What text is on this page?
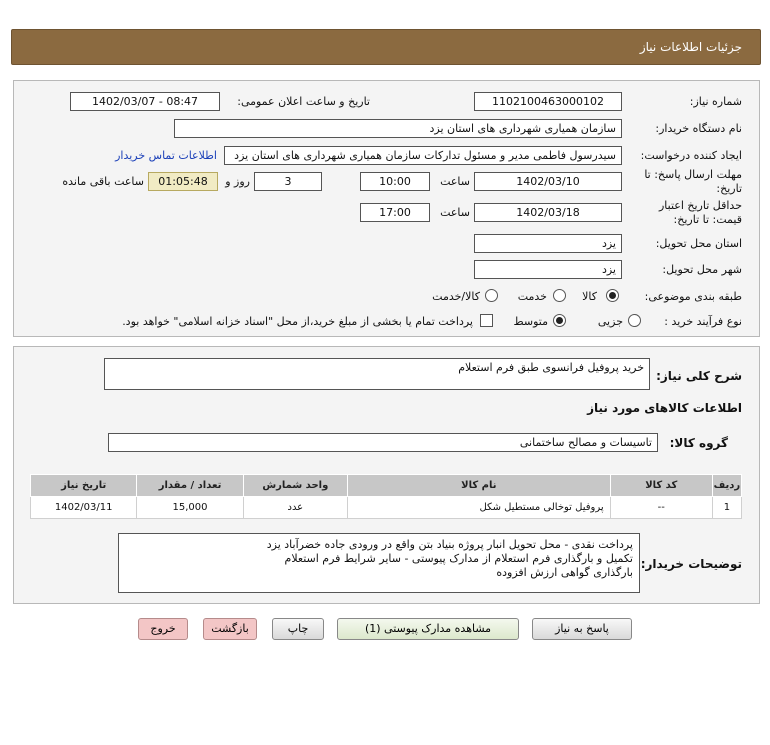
جزئیات اطلاعات نیاز
شماره نیاز:
1102100463000102
تاریخ و ساعت اعلان عمومی:
1402/03/07 - 08:47
نام دستگاه خریدار:
سازمان همیاری شهرداری های استان یزد
ایجاد کننده درخواست:
سیدرسول فاطمی مدیر و مسئول تدارکات سازمان همیاری شهرداری های استان یزد
اطلاعات تماس خریدار
مهلت ارسال پاسخ: تا تاریخ:
1402/03/10
ساعت
10:00
3
روز و
01:05:48
ساعت باقی مانده
حداقل تاریخ اعتبار قیمت: تا تاریخ:
1402/03/18
ساعت
17:00
استان محل تحویل:
یزد
شهر محل تحویل:
یزد
طبقه بندی موضوعی:
کالا
خدمت
کالا/خدمت
نوع فرآیند خرید :
جزیی
متوسط
پرداخت تمام یا بخشی از مبلغ خرید،از محل "اسناد خزانه اسلامی" خواهد بود.
شرح کلی نیاز:
خرید پروفیل فرانسوی طبق فرم استعلام
اطلاعات کالاهای مورد نیاز
گروه کالا:
تاسیسات و مصالح ساختمانی
ردیف	کد کالا	نام کالا	واحد شمارش	تعداد / مقدار	تاریخ نیاز
1	--	پروفیل توخالی مستطیل شکل	عدد	15,000	1402/03/11
توضیحات خریدار:
پرداخت نقدی - محل تحویل انبار پروژه بنیاد بتن واقع در ورودی جاده خضرآباد یزد
تکمیل و بارگذاری فرم استعلام از مدارک پیوستی - سایر شرایط فرم استعلام
بارگذاری گواهی ارزش افزوده
پاسخ به نیاز
مشاهده مدارک پیوستی (1)
چاپ
بازگشت
خروج
